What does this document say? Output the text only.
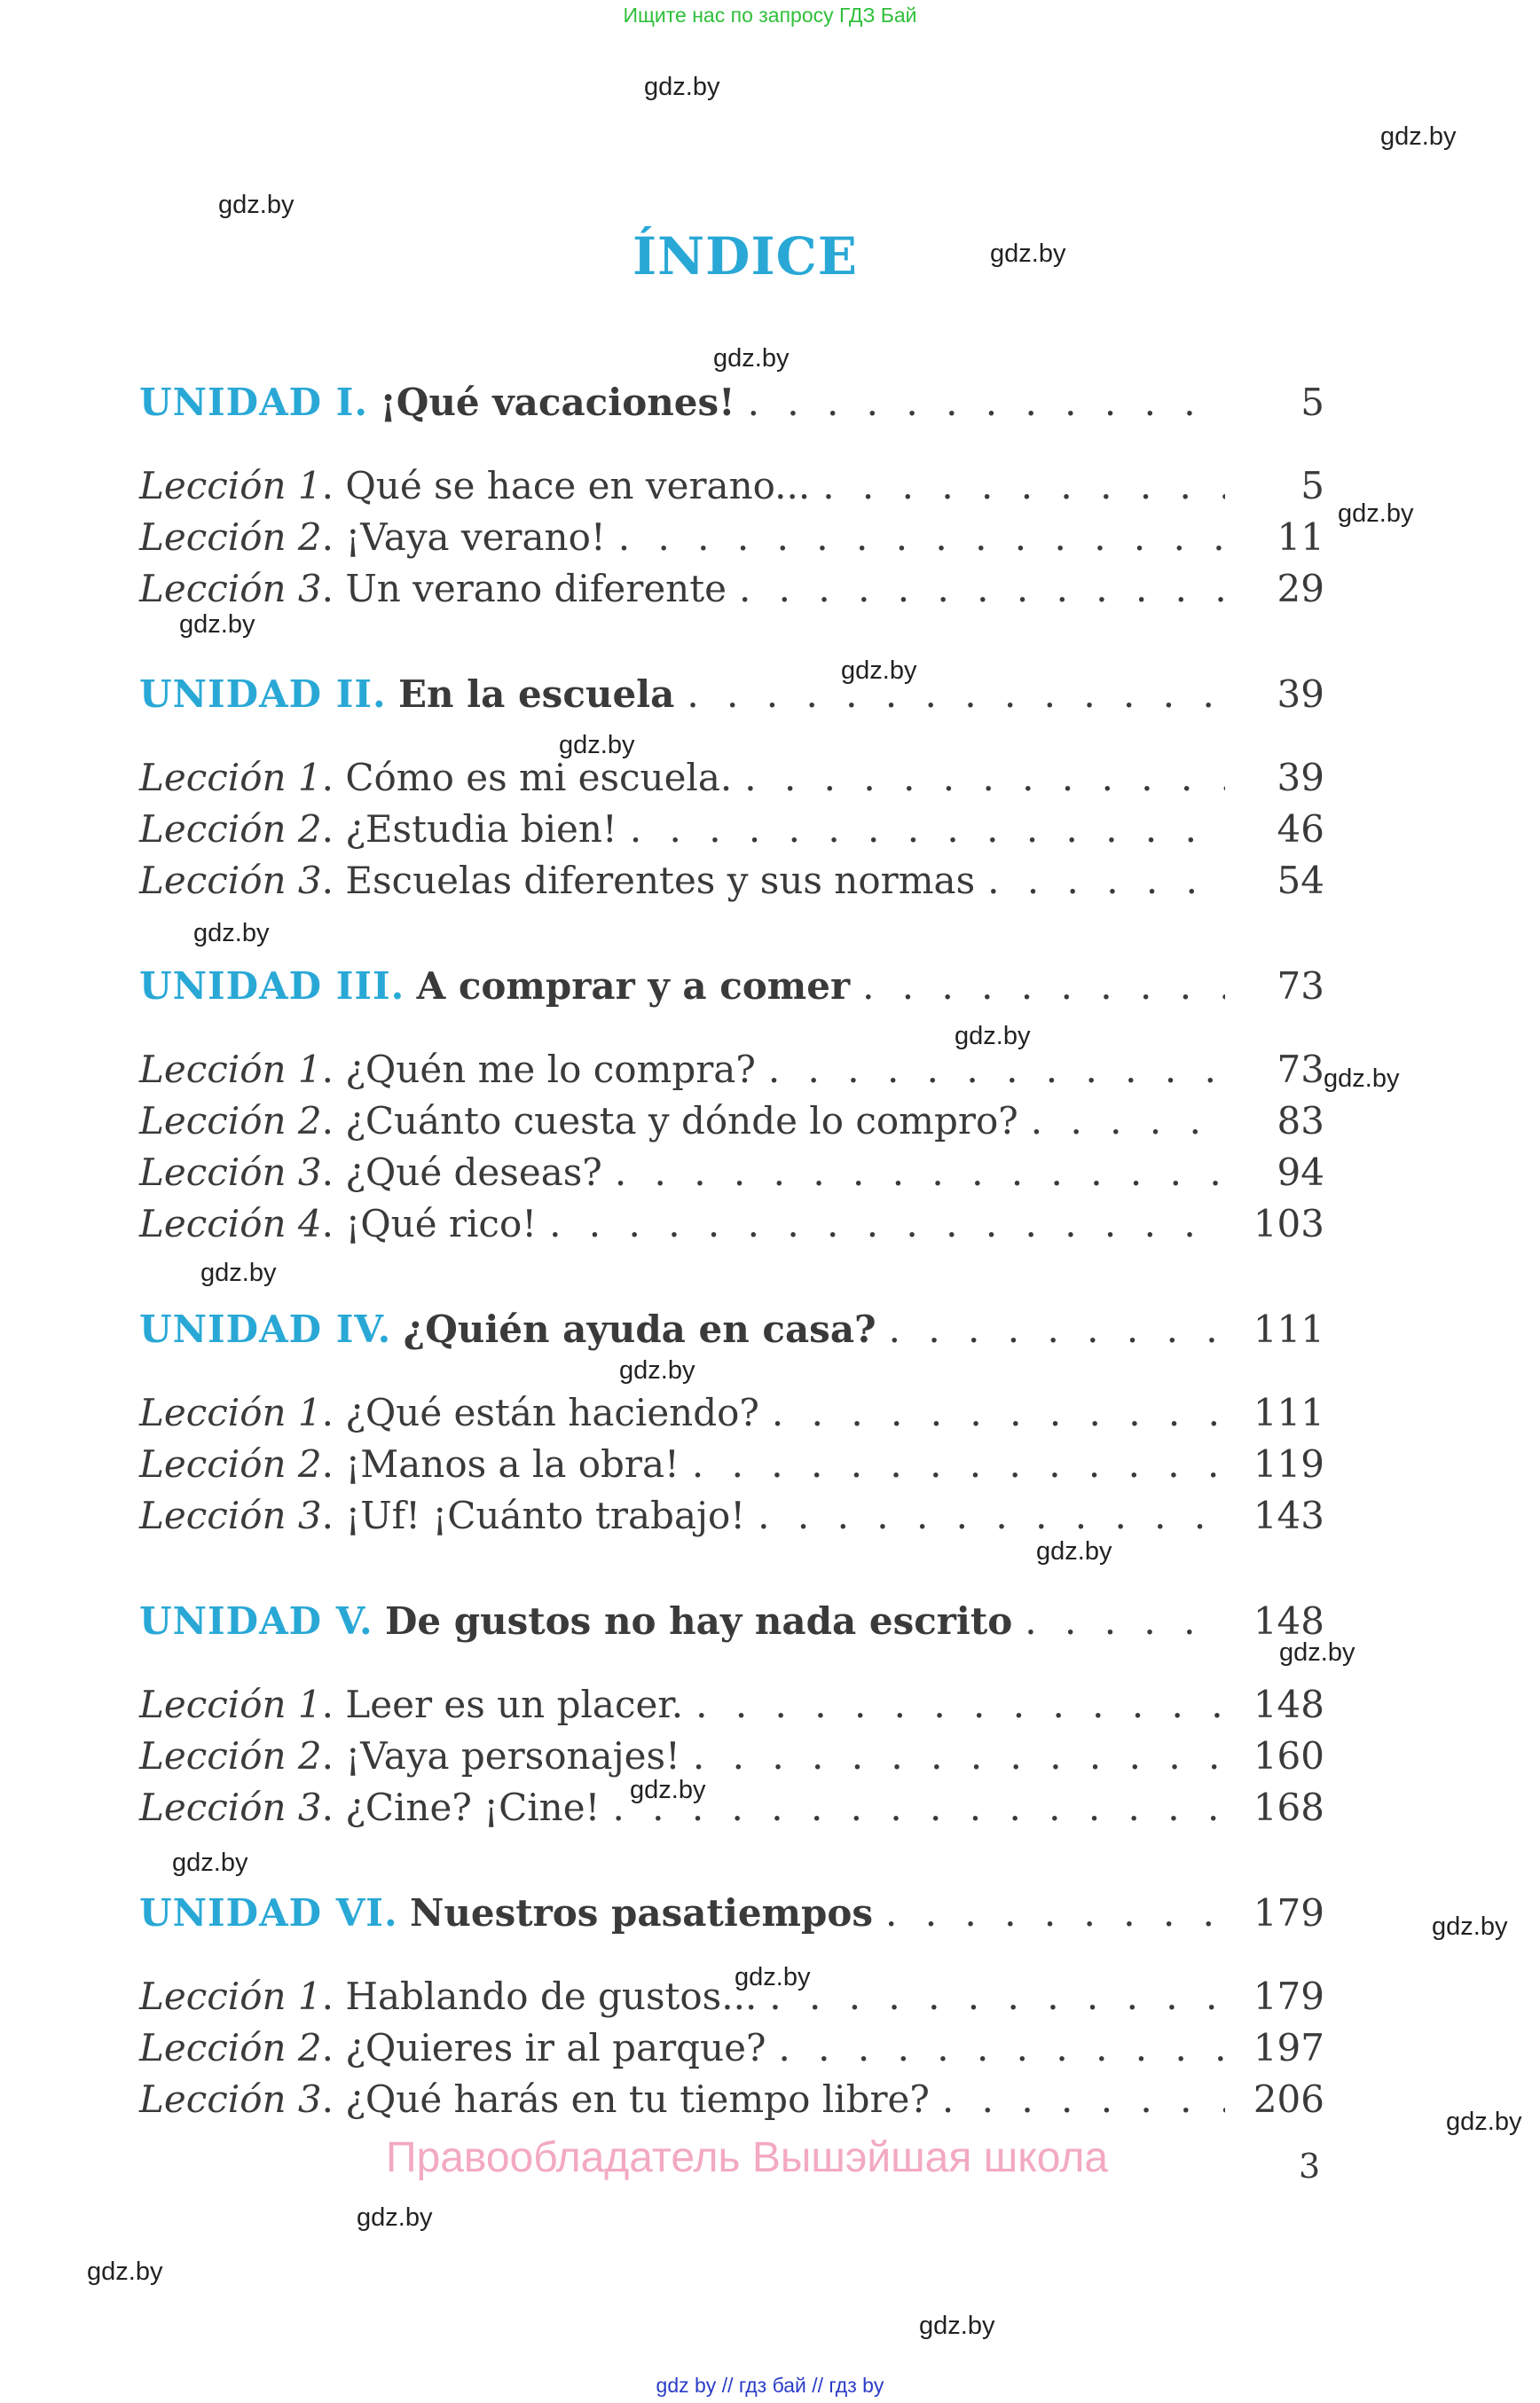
Ищите нас по запросу ГДЗ Бай
ÍNDICE
UNIDAD I. ¡Qué vacaciones! . . .	5
Lección 1. Qué se hace en verano... . . .	5
Lección 2. ¡Vaya verano! . . .	11
Lección 3. Un verano diferente . . .	29
UNIDAD II. En la escuela . . .	39
Lección 1. Cómo es mi escuela. . . .	39
Lección 2. ¿Estudia bien! . . .	46
Lección 3. Escuelas diferentes y sus normas . . .	54
UNIDAD III. A comprar y a comer . . .	73
Lección 1. ¿Quén me lo compra? . . .	73
Lección 2. ¿Cuánto cuesta y dónde lo compro? . . .	83
Lección 3. ¿Qué deseas? . . .	94
Lección 4. ¡Qué rico! . . .	103
UNIDAD IV. ¿Quién ayuda en casa? . . .	111
Lección 1. ¿Qué están haciendo? . . .	111
Lección 2. ¡Manos a la obra! . . .	119
Lección 3. ¡Uf! ¡Cuánto trabajo! . . .	143
UNIDAD V. De gustos no hay nada escrito . . .	148
Lección 1. Leer es un placer. . . .	148
Lección 2. ¡Vaya personajes! . . .	160
Lección 3. ¿Cine? ¡Cine! . . .	168
UNIDAD VI. Nuestros pasatiempos . . .	179
Lección 1. Hablando de gustos... . . .	179
Lección 2. ¿Quieres ir al parque? . . .	197
Lección 3. ¿Qué harás en tu tiempo libre? . . .	206
gdz.by
gdz.by
gdz.by
gdz.by
gdz.by
gdz.by
gdz.by
gdz.by
gdz.by
gdz.by
gdz.by
gdz.by
gdz.by
gdz.by
gdz.by
gdz.by
gdz.by
gdz.by
gdz.by
gdz.by
gdz.by
gdz.by
gdz.by
gdz.by
Правообладатель Вышэйшая школа	3
gdz by // гдз бай // гдз by
